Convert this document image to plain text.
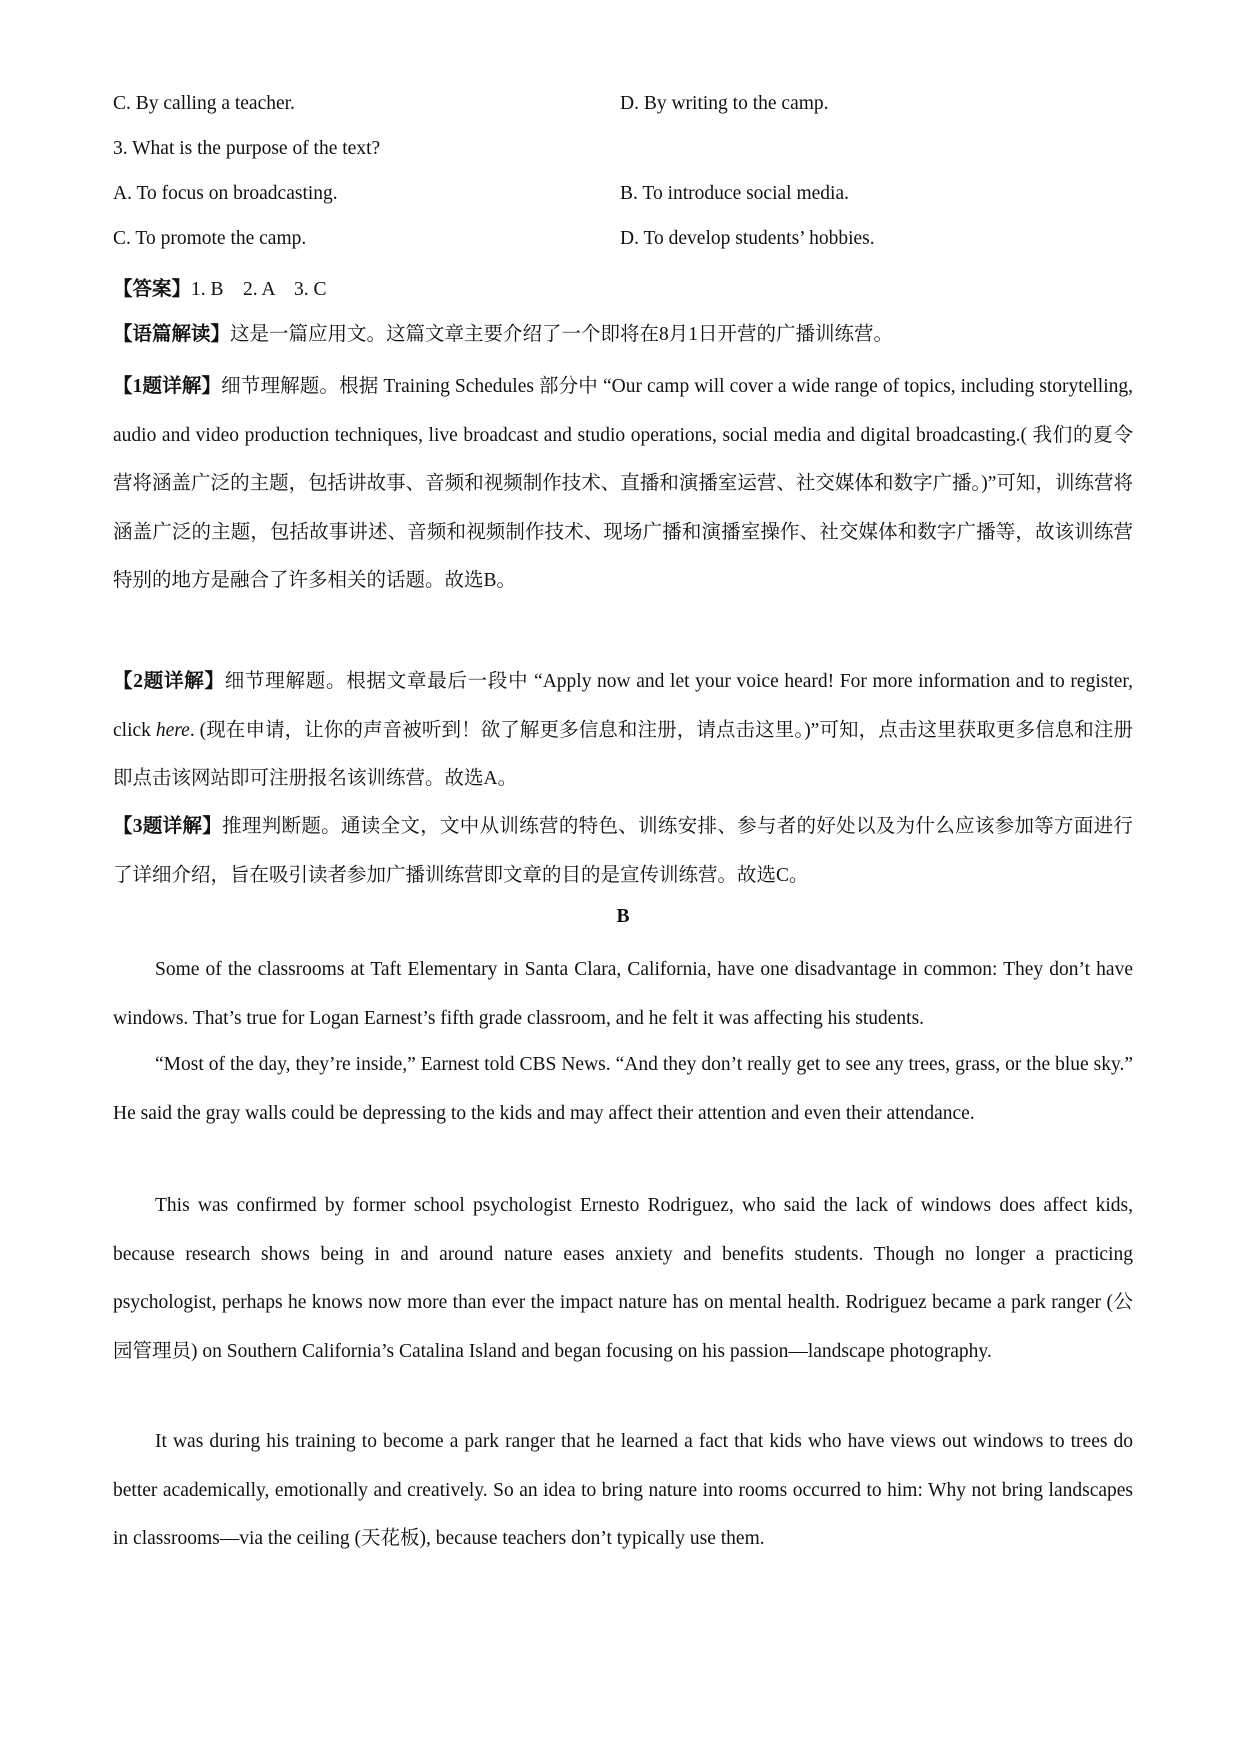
C. By calling a teacher.	D. By writing to the camp.
3. What is the purpose of the text?
A. To focus on broadcasting.	B. To introduce social media.
C. To promote the camp.	D. To develop students’ hobbies.
【答案】1. B    2. A    3. C
【语篇解读】这是一篇应用文。这篇文章主要介绍了一个即将在8月1日开营的广播训练营。
【1题详解】细节理解题。根据 Training Schedules 部分中 “Our camp will cover a wide range of topics, including storytelling, audio and video production techniques, live broadcast and studio operations, social media and digital broadcasting.( 我们的夏令营将涵盖广泛的主题，包括讲故事、音频和视频制作技术、直播和演播室运营、社交媒体和数字广播。)”可知，训练营将涵盖广泛的主题，包括故事讲述、音频和视频制作技术、现场广播和演播室操作、社交媒体和数字广播等，故该训练营特别的地方是融合了许多相关的话题。故选B。
【2题详解】细节理解题。根据文章最后一段中 “Apply now and let your voice heard! For more information and to register, click here. (现在申请，让你的声音被听到！欲了解更多信息和注册，请点击这里。)”可知，点击这里获取更多信息和注册即点击该网站即可注册报名该训练营。故选A。
【3题详解】推理判断题。通读全文，文中从训练营的特色、训练安排、参与者的好处以及为什么应该参加等方面进行了详细介绍，旨在吸引读者参加广播训练营即文章的目的是宣传训练营。故选C。
B
Some of the classrooms at Taft Elementary in Santa Clara, California, have one disadvantage in common: They don’t have windows. That’s true for Logan Earnest’s fifth grade classroom, and he felt it was affecting his students.
“Most of the day, they’re inside,” Earnest told CBS News. “And they don’t really get to see any trees, grass, or the blue sky.” He said the gray walls could be depressing to the kids and may affect their attention and even their attendance.
This was confirmed by former school psychologist Ernesto Rodriguez, who said the lack of windows does affect kids, because research shows being in and around nature eases anxiety and benefits students. Though no longer a practicing psychologist, perhaps he knows now more than ever the impact nature has on mental health. Rodriguez became a park ranger (公园管理员) on Southern California’s Catalina Island and began focusing on his passion—landscape photography.
It was during his training to become a park ranger that he learned a fact that kids who have views out windows to trees do better academically, emotionally and creatively. So an idea to bring nature into rooms occurred to him: Why not bring landscapes in classrooms—via the ceiling (天花板), because teachers don’t typically use them.
